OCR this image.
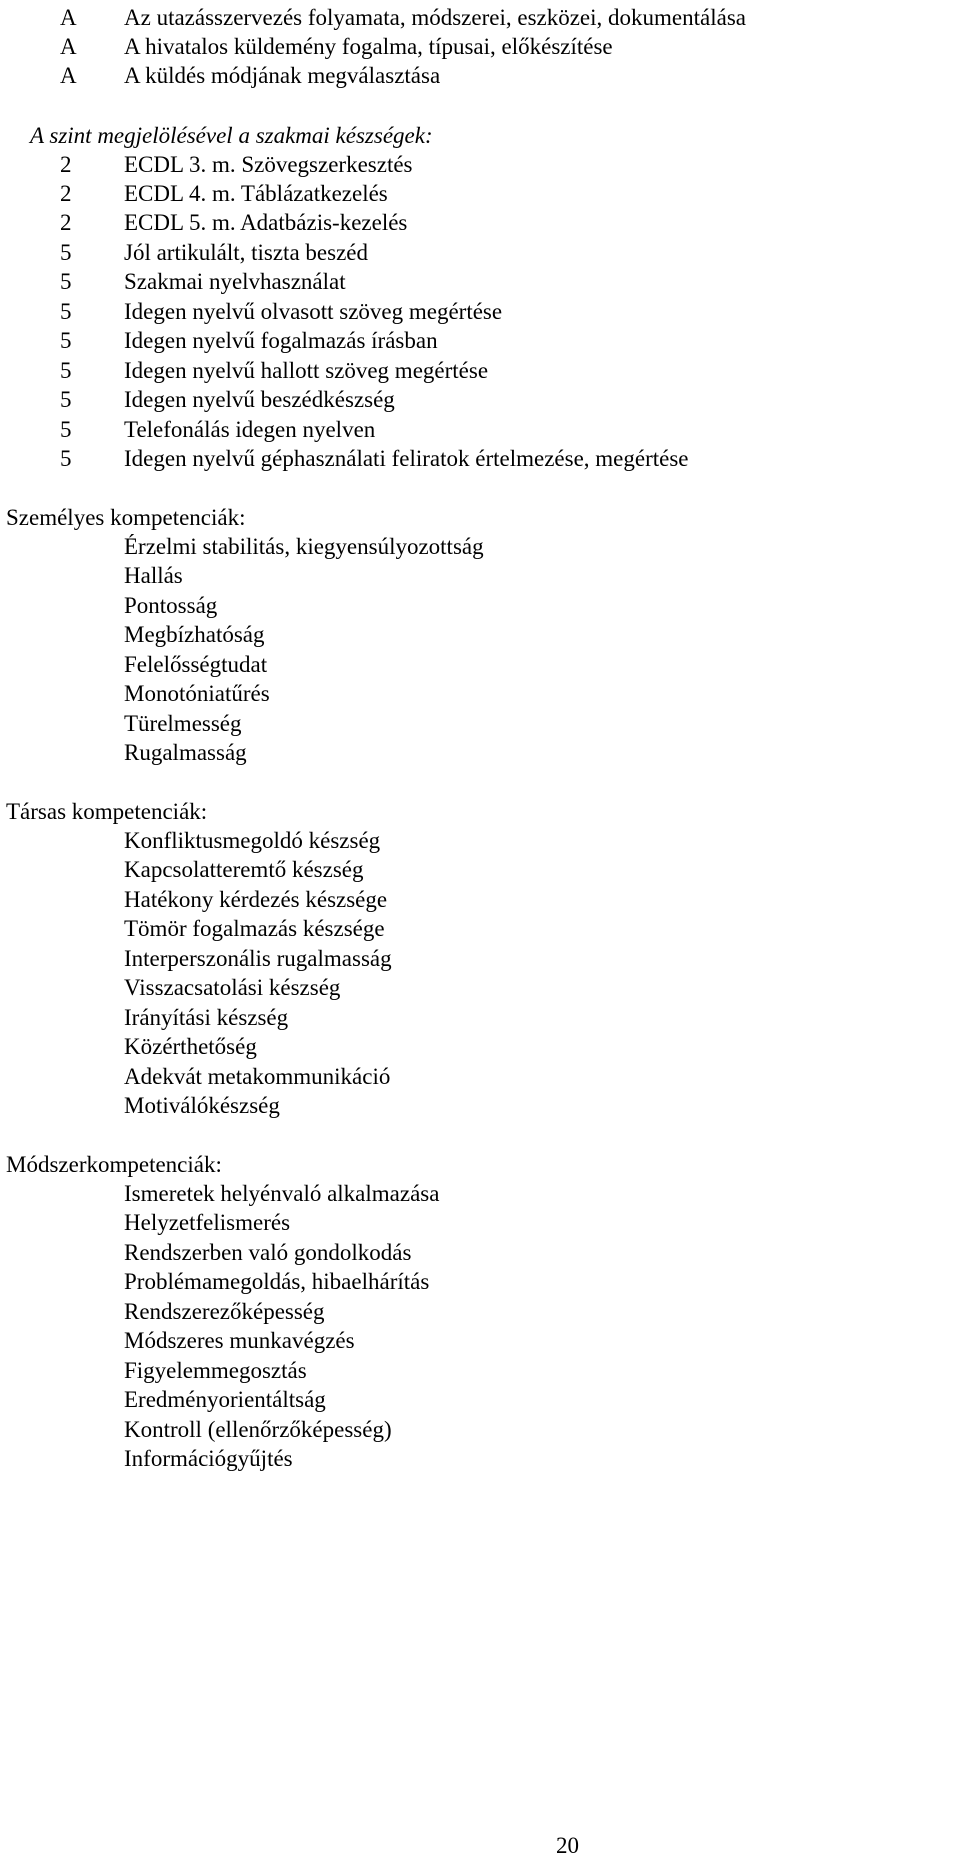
A Az utazásszervezés folyamata, módszerei, eszközei, dokumentálása
A A hivatalos küldemény fogalma, típusai, előkészítése
A A küldés módjának megválasztása
A szint megjelölésével a szakmai készségek:
2 ECDL 3. m. Szövegszerkesztés
2 ECDL 4. m. Táblázatkezelés
2 ECDL 5. m. Adatbázis-kezelés
5 Jól artikulált, tiszta beszéd
5 Szakmai nyelvhasználat
5 Idegen nyelvű olvasott szöveg megértése
5 Idegen nyelvű fogalmazás írásban
5 Idegen nyelvű hallott szöveg megértése
5 Idegen nyelvű beszédkészség
5 Telefonálás idegen nyelven
5 Idegen nyelvű géphasználati feliratok értelmezése, megértése
Személyes kompetenciák:
Érzelmi stabilitás, kiegyensúlyozottság
Hallás
Pontosság
Megbízhatóság
Felelősségtudat
Monotóniatűrés
Türelmesség
Rugalmasság
Társas kompetenciák:
Konfliktusmegoldó készség
Kapcsolatteremtő készség
Hatékony kérdezés készsége
Tömör fogalmazás készsége
Interperszonális rugalmasság
Visszacsatolási készség
Irányítási készség
Közérthetőség
Adekvát metakommunikáció
Motiválókészség
Módszerkompetenciák:
Ismeretek helyénvaló alkalmazása
Helyzetfelismerés
Rendszerben való gondolkodás
Problémamegoldás, hibaelhárítás
Rendszerezőképesség
Módszeres munkavégzés
Figyelemmegosztás
Eredményorientáltság
Kontroll (ellenőrzőképesség)
Információgyűjtés
20
